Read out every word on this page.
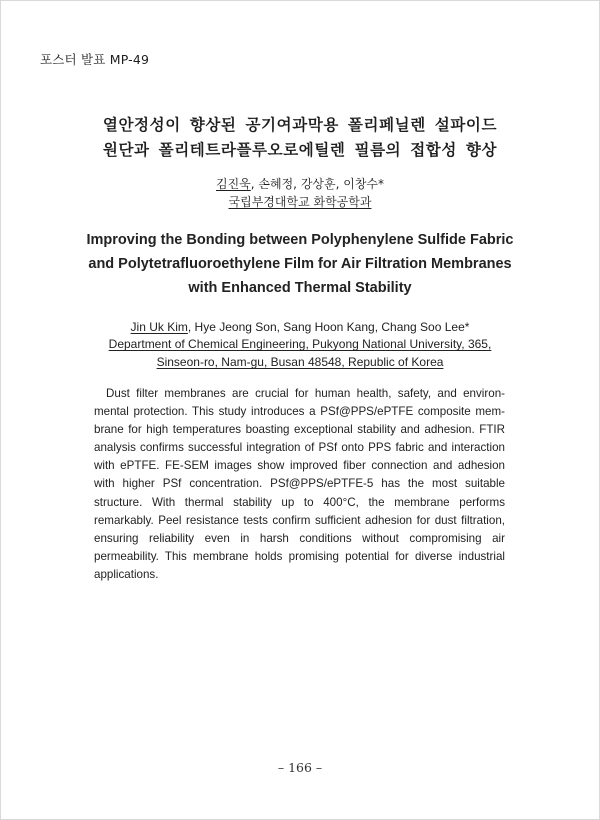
포스터 발표 MP-49
열안정성이 향상된 공기여과막용 폴리페닐렌 설파이드
원단과 폴리테트라플루오로에틸렌 필름의 접합성 향상
김진욱, 손혜정, 강상훈, 이창수*
국립부경대학교 화학공학과
Improving the Bonding between Polyphenylene Sulfide Fabric
and Polytetrafluoroethylene Film for Air Filtration Membranes
with Enhanced Thermal Stability
Jin Uk Kim, Hye Jeong Son, Sang Hoon Kang, Chang Soo Lee*
Department of Chemical Engineering, Pukyong National University, 365,
Sinseon-ro, Nam-gu, Busan 48548, Republic of Korea
Dust filter membranes are crucial for human health, safety, and environ-
mental protection. This study introduces a PSf@PPS/ePTFE composite mem-
brane for high temperatures boasting exceptional stability and adhesion. FTIR
analysis confirms successful integration of PSf onto PPS fabric and interaction
with ePTFE. FE-SEM images show improved fiber connection and adhesion
with higher PSf concentration. PSf@PPS/ePTFE-5 has the most suitable
structure. With thermal stability up to 400°C, the membrane performs
remarkably. Peel resistance tests confirm sufficient adhesion for dust filtration,
ensuring reliability even in harsh conditions without compromising air
permeability. This membrane holds promising potential for diverse industrial
applications.
– 166 –
